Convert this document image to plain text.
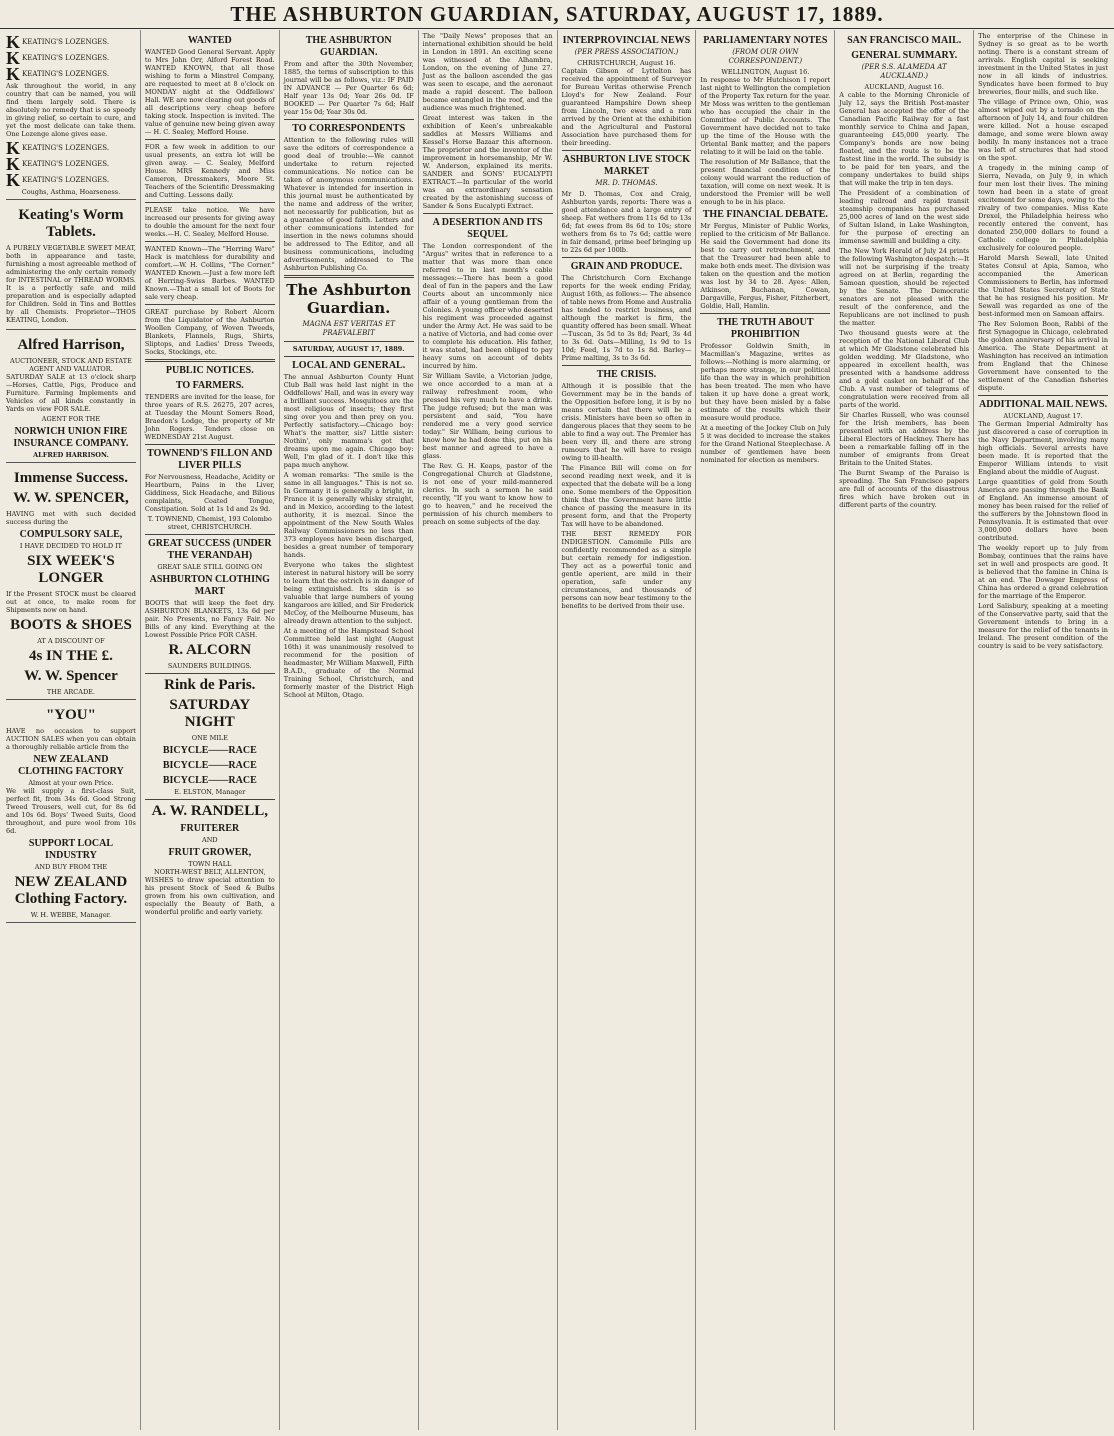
THE ASHBURTON GUARDIAN, SATURDAY, AUGUST 17, 1889.
K KEATING'S LOZENGES.
K KEATING'S LOZENGES.
K KEATING'S LOZENGES.
Ask throughout the world, in any country that can be named, you will find them largely sold. There is absolutely no remedy that is so speedy in giving relief, so certain to cure, and yet the most delicate can take them. One Lozenge alone gives ease.
K KEATING'S LOZENGES.
K KEATING'S LOZENGES.
K KEATING'S LOZENGES.
Coughs, Asthma, Hoarseness.
Keating's Worm Tablets.
A PURELY VEGETABLE SWEET MEAT, both in appearance and taste, furnishing a most agreeable method of administering the only certain remedy for INTESTINAL or THREAD WORMS. It is a perfectly safe and mild preparation and is especially adapted for Children. Sold in Tins and Bottles by all Chemists. Proprietor—THOS KEATING, London.
Alfred Harrison,
AUCTIONEER, STOCK AND ESTATE AGENT AND VALUATOR.
SATURDAY SALE at 13 o'clock sharp —Horses, Cattle, Pigs, Produce and Furniture. Farming Implements and Vehicles of all kinds constantly in Yards on view FOR SALE.
AGENT FOR THE
NORWICH UNION FIRE INSURANCE COMPANY.
ALFRED HARRISON.
Immense Success.
W. W. SPENCER,
HAVING met with such decided success during the
COMPULSORY SALE,
I HAVE DECIDED TO HOLD IT
SIX WEEK'S LONGER
If the Present STOCK must be cleared out at once, to make room for Shipments now on hand.
BOOTS & SHOES
AT A DISCOUNT OF
4s IN THE £.
W. W. Spencer
THE ARCADE.
"YOU"
HAVE no occasion to support AUCTION SALES when you can obtain a thoroughly reliable article from the
NEW ZEALAND CLOTHING FACTORY
Almost at your own Price.
We will supply a first-class Suit, perfect fit, from 34s 6d. Good Strong Tweed Trousers, well cut, for 8s 6d and 10s 6d. Boys' Tweed Suits, Good throughout, and pure wool from 10s 6d.
SUPPORT LOCAL INDUSTRY
AND BUY FROM THE
NEW ZEALAND Clothing Factory.
W. H. WEBBE, Manager.
WANTED
WANTED Good General Servant. Apply to Mrs John Orr, Alford Forest Road. WANTED KNOWN, that all those wishing to form a Minstrel Company, are requested to meet at 8 o'clock on MONDAY night at the Oddfellows' Hall. WE are now clearing out goods of all descriptions very cheap before taking stock. Inspection is invited. The value of genuine new being given away — H. C. Sealey, Mefford House.
FOR a few week in addition to our usual presents, an extra lot will be given away. — C. Sealey, Melford House. MRS Kennedy and Miss Cameron, Dressmakers, Moore St. Teachers of the Scientific Dressmaking and Cutting. Lessons daily.
PLEASE take notice. We have increased our presents for giving away to double the amount for the next four weeks.—H. C. Sealey, Melford House.
WANTED Known—The "Herring Ware" Hack is matchless for durability and comfort.—W. H. Collins, "The Corner." WANTED Known.—Just a few more left of Herring-Swiss Barbes. WANTED Known.—That a small lot of Boots for sale very cheap.
GREAT purchase by Robert Alcorn from the Liquidator of the Ashburton Woollen Company, of Woven Tweeds, Blankets, Flannels, Rugs, Shirts, Sliptops, and Ladies' Dress Tweeds, Socks, Stockings, etc.
PUBLIC NOTICES.
TO FARMERS.
TENDERS are invited for the lease, for three years of R.S. 26275, 207 acres, at Tuesday the Mount Somers Road, Braedon's Lodge, the property of Mr John Rogers. Tenders close on WEDNESDAY 21st August.
TOWNEND'S FILLON AND LIVER PILLS
For Nervousness, Headache, Acidity or Heartburn, Pains in the Liver, Giddiness, Sick Headache, and Bilious complaints, Coated Tongue, Constipation. Sold at 1s 1d and 2s 9d.
T. TOWNEND, Chemist, 193 Colombo street, CHRISTCHURCH.
GREAT SUCCESS (UNDER THE VERANDAH)
GREAT SALE STILL GOING ON
ASHBURTON CLOTHING MART
BOOTS that will keep the feet dry. ASHBURTON BLANKETS, 13s 6d per pair. No Presents, no Fancy Fair. No Bills of any kind. Everything at the Lowest Possible Price FOR CASH.
R. ALCORN
SAUNDERS BUILDINGS.
Rink de Paris.
SATURDAY NIGHT
ONE MILE
BICYCLE——RACE
BICYCLE——RACE
BICYCLE——RACE
E. ELSTON, Manager
A. W. RANDELL,
FRUITERER
AND
FRUIT GROWER,
TOWN HALL
NORTH-WEST BELT, ALLENTON,
WISHES to draw special attention to his present Stock of Seed & Bulbs grown from his own cultivation, and especially the Beauty of Bath, a wonderful prolific and early variety.
THE ASHBURTON GUARDIAN.
From and after the 30th November, 1885, the terms of subscription to this journal will be as follows, viz.: IF PAID IN ADVANCE — Per Quarter 6s 6d; Half year 13s 0d; Year 26s 0d. IF BOOKED — Per Quarter 7s 6d; Half year 15s 0d; Year 30s 0d.
TO CORRESPONDENTS
Attention to the following rules will save the editors of correspondence a good deal of trouble:—We cannot undertake to return rejected communications. No notice can be taken of anonymous communications. Whatever is intended for insertion in this journal must be authenticated by the name and address of the writer, not necessarily for publication, but as a guarantee of good faith. Letters and other communications intended for insertion in the news columns should be addressed to The Editor, and all business communications, including advertisements, addressed to The Ashburton Publishing Co.
The Ashburton Guardian.
MAGNA EST VERITAS ET PRAEVALEBIT
SATURDAY, AUGUST 17, 1889.
LOCAL AND GENERAL.
The annual Ashburton County Hunt Club Ball was held last night in the Oddfellows' Hall, and was in every way a brilliant success. Mosquitoes are the most religious of insects; they first sing over you and then prey on you. Perfectly satisfactory.—Chicago boy: What's the matter, sis? Little sister: Nothin', only mamma's got that dreams upon me again. Chicago boy: Well, I'm glad of it. I don't like this papa much anyhow.
A woman remarks: "The smile is the same in all languages." This is not so. In Germany it is generally a bright, in France it is generally whisky straight, and in Mexico, according to the latest authority, it is mezcal. Since the appointment of the New South Wales Railway Commissioners no less than 373 employees have been discharged, besides a great number of temporary hands.
Everyone who takes the slightest interest in natural history will be sorry to learn that the ostrich is in danger of being extinguished. Its skin is so valuable that large numbers of young kangaroos are killed, and Sir Frederick McCoy, of the Melbourne Museum, has already drawn attention to the subject.
At a meeting of the Hampstead School Committee held last night (August 16th) it was unanimously resolved to recommend for the position of headmaster, Mr William Maxwell, Fifth B.A.D., graduate of the Normal Training School, Christchurch, and formerly master of the District High School at Milton, Otago.
The "Daily News" proposes that an international exhibition should be held in London in 1891. An exciting scene was witnessed at the Alhambra, London, on the evening of June 27. Just as the balloon ascended the gas was seen to escape, and the aeronaut made a rapid descent. The balloon became entangled in the roof, and the audience was much frightened.
Great interest was taken in the exhibition of Keen's unbreakable saddles at Messrs Williams and Kessel's Horse Bazaar this afternoon. The proprietor and the inventor of the improvement in horsemanship, Mr W. W. Anderson, explained its merits. SANDER and SONS' EUCALYPTI EXTRACT.—In particular of the world was an extraordinary sensation created by the astonishing success of Sander & Sons Eucalypti Extract.
A DESERTION AND ITS SEQUEL
The London correspondent of the "Argus" writes that in reference to a matter that was more than once referred to in last month's cable messages:—There has been a good deal of fun in the papers and the Law Courts about an uncommonly nice affair of a young gentleman from the Colonies. A young officer who deserted his regiment was proceeded against under the Army Act. He was said to be a native of Victoria, and had come over to complete his education. His father, it was stated, had been obliged to pay heavy sums on account of debts incurred by him.
Sir William Savile, a Victorian judge, we once accorded to a man at a railway refreshment room, who pressed his very much to have a drink. The judge refused; but the man was persistent and said, "You have rendered me a very good service today." Sir William, being curious to know how he had done this, put on his best manner and agreed to have a glass.
The Rev. G. H. Keaps, pastor of the Congregational Church at Gladstone, is not one of your mild-mannered clerics. In such a sermon he said recently, "If you want to know how to go to heaven," and he received the permission of his church members to preach on some subjects of the day.
INTERPROVINCIAL NEWS
(PER PRESS ASSOCIATION.)
CHRISTCHURCH, August 16.
Captain Gibson of Lyttelton has received the appointment of Surveyor for Bureau Veritas otherwise French Lloyd's for New Zealand. Four guaranteed Hampshire Down sheep from Lincoln, two ewes and a ram arrived by the Orient at the exhibition and the Agricultural and Pastoral Association have purchased them for their breeding.
ASHBURTON LIVE STOCK MARKET
MR. D. THOMAS.
Mr D. Thomas, Cox and Craig, Ashburton yards, reports: There was a good attendance and a large entry of sheep. Fat wethers from 11s 6d to 13s 6d; fat ewes from 8s 6d to 10s; store wethers from 6s to 7s 6d; cattle were in fair demand, prime beef bringing up to 22s 6d per 100lb.
GRAIN AND PRODUCE.
The Christchurch Corn Exchange reports for the week ending Friday, August 16th, as follows:— The absence of table news from Home and Australia has tended to restrict business, and although the market is firm, the quantity offered has been small. Wheat—Tuscan, 3s 5d to 3s 8d; Pearl, 3s 4d to 3s 6d. Oats—Milling, 1s 9d to 1s 10d; Feed, 1s 7d to 1s 8d. Barley—Prime malting, 3s to 3s 6d.
THE CRISIS.
Although it is possible that the Government may be in the bands of the Opposition before long, it is by no means certain that there will be a crisis. Ministers have been so often in dangerous places that they seem to be able to find a way out. The Premier has been very ill, and there are strong rumours that he will have to resign owing to ill-health.
The Finance Bill will come on for second reading next week, and it is expected that the debate will be a long one. Some members of the Opposition think that the Government have little chance of passing the measure in its present form, and that the Property Tax will have to be abandoned.
THE BEST REMEDY FOR INDIGESTION. Camomile Pills are confidently recommended as a simple but certain remedy for indigestion. They act as a powerful tonic and gentle aperient, are mild in their operation, safe under any circumstances, and thousands of persons can now bear testimony to the benefits to be derived from their use.
PARLIAMENTARY NOTES
(FROM OUR OWN CORRESPONDENT.)
WELLINGTON, August 16.
In response to Mr Hutchison I report last night to Wellington the completion of the Property Tax return for the year. Mr Moss was written to the gentleman who has occupied the chair in the Committee of Public Accounts. The Government have decided not to take up the time of the House with the Oriental Bank matter, and the papers relating to it will be laid on the table.
The resolution of Mr Ballance, that the present financial condition of the colony would warrant the reduction of taxation, will come on next week. It is understood the Premier will be well enough to be in his place.
THE FINANCIAL DEBATE.
Mr Fergus, Minister of Public Works, replied to the criticism of Mr Ballance. He said the Government had done its best to carry out retrenchment, and that the Treasurer had been able to make both ends meet. The division was taken on the question and the motion was lost by 34 to 28. Ayes: Allen, Atkinson, Buchanan, Cowan, Dargaville, Fergus, Fisher, Fitzherbert, Goldie, Hall, Hamlin.
THE TRUTH ABOUT PROHIBITION
Professor Goldwin Smith, in Macmillan's Magazine, writes as follows:—Nothing is more alarming, or perhaps more strange, in our political life than the way in which prohibition has been treated. The men who have taken it up have done a great work, but they have been misled by a false estimate of the results which their measure would produce.
At a meeting of the Jockey Club on July 5 it was decided to increase the stakes for the Grand National Steeplechase. A number of gentlemen have been nominated for election as members.
SAN FRANCISCO MAIL.
GENERAL SUMMARY.
(PER S.S. ALAMEDA AT AUCKLAND.)
AUCKLAND, August 16.
A cable to the Morning Chronicle of July 12, says the British Post-master General has accepted the offer of the Canadian Pacific Railway for a fast monthly service to China and Japan, guaranteeing £45,000 yearly. The Company's bonds are now being floated, and the route is to be the fastest line in the world. The subsidy is to be paid for ten years, and the company undertakes to build ships that will make the trip in ten days.
The President of a combination of leading railroad and rapid transit steamship companies has purchased 25,000 acres of land on the west side of Sultan Island, in Lake Washington, for the purpose of erecting an immense sawmill and building a city.
The New York Herald of July 24 prints the following Washington despatch:—It will not be surprising if the treaty agreed on at Berlin, regarding the Samoan question, should be rejected by the Senate. The Democratic senators are not pleased with the result of the conference, and the Republicans are not inclined to push the matter.
Two thousand guests were at the reception of the National Liberal Club at which Mr Gladstone celebrated his golden wedding. Mr Gladstone, who appeared in excellent health, was presented with a handsome address and a gold casket on behalf of the Club. A vast number of telegrams of congratulation were received from all parts of the world.
Sir Charles Russell, who was counsel for the Irish members, has been presented with an address by the Liberal Electors of Hackney. There has been a remarkable falling off in the number of emigrants from Great Britain to the United States.
The Burnt Swamp of the Paraiso is spreading. The San Francisco papers are full of accounts of the disastrous fires which have broken out in different parts of the country.
The enterprise of the Chinese in Sydney is so great as to be worth noting. There is a constant stream of arrivals. English capital is seeking investment in the United States in just now in all kinds of industries. Syndicates have been formed to buy breweries, flour mills, and such like.
The village of Prince own, Ohio, was almost wiped out by a tornado on the afternoon of July 14, and four children were killed. Not a house escaped damage, and some were blown away bodily. In many instances not a trace was left of structures that had stood on the spot.
A tragedy in the mining camp of Sierra, Nevada, on July 9, in which four men lost their lives. The mining town had been in a state of great excitement for some days, owing to the rivalry of two companies. Miss Kate Drexel, the Philadelphia heiress who recently entered the convent, has donated 250,000 dollars to found a Catholic college in Philadelphia exclusively for coloured people.
Harold Marsh Sewall, late United States Consul at Apia, Samoa, who accompanied the American Commissioners to Berlin, has informed the United States Secretary of State that he has resigned his position. Mr Sewall was regarded as one of the best-informed men on Samoan affairs.
The Rev Solomon Boon, Rabbi of the first Synagogue in Chicago, celebrated the golden anniversary of his arrival in America. The State Department at Washington has received an intimation from England that the Chinese Government have consented to the settlement of the Canadian fisheries dispute.
ADDITIONAL MAIL NEWS.
AUCKLAND, August 17.
The German Imperial Admiralty has just discovered a case of corruption in the Navy Department, involving many high officials. Several arrests have been made. It is reported that the Emperor William intends to visit England about the middle of August.
Large quantities of gold from South America are passing through the Bank of England. An immense amount of money has been raised for the relief of the sufferers by the Johnstown flood in Pennsylvania. It is estimated that over 3,000,000 dollars have been contributed.
The weekly report up to July from Bombay, continues that the rains have set in well and prospects are good. It is believed that the famine in China is at an end. The Dowager Empress of China has ordered a grand celebration for the marriage of the Emperor.
Lord Salisbury, speaking at a meeting of the Conservative party, said that the Government intends to bring in a measure for the relief of the tenants in Ireland. The present condition of the country is said to be very satisfactory.
